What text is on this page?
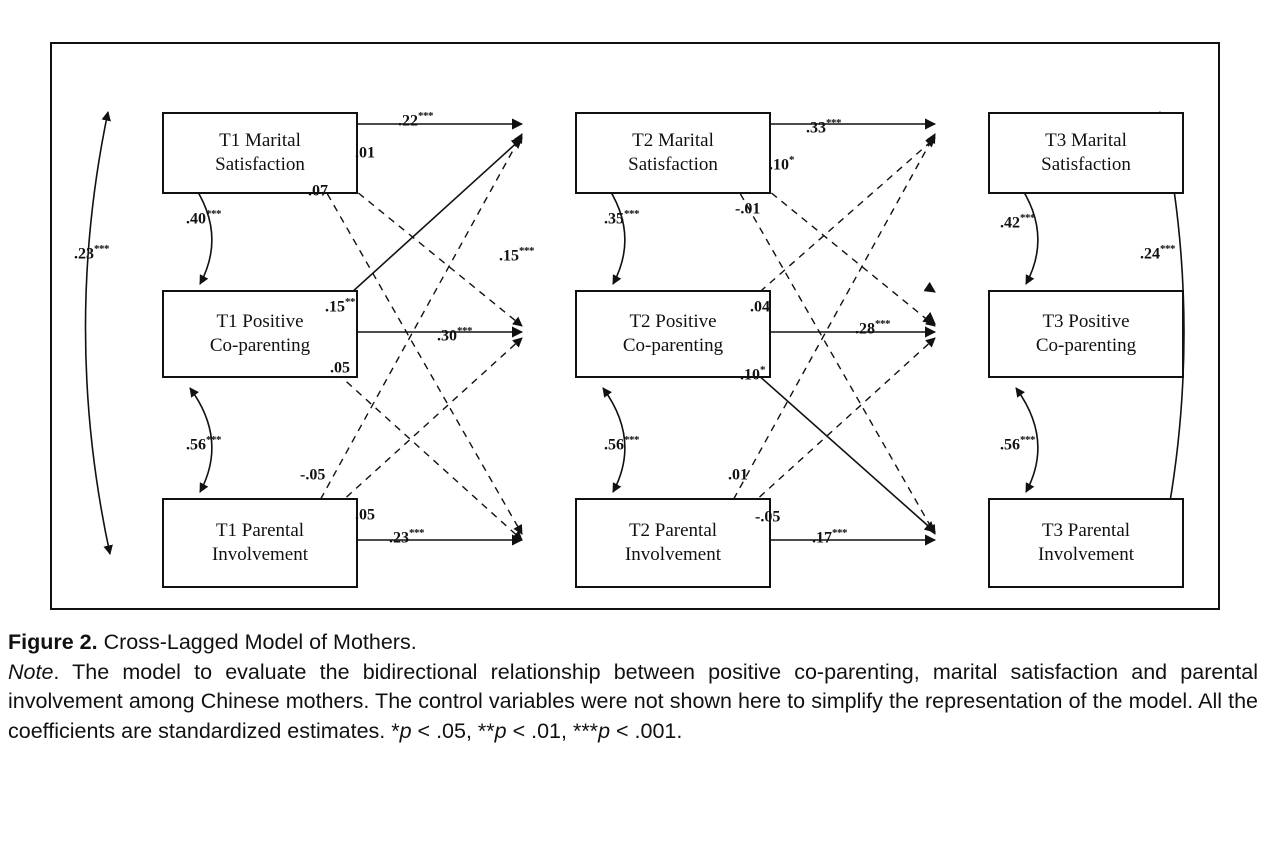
T1 Marital
Satisfaction
T2 Marital
Satisfaction
T3 Marital
Satisfaction
T1 Positive
Co-parenting
T2 Positive
Co-parenting
T3 Positive
Co-parenting
T1 Parental
Involvement
T2 Parental
Involvement
T3 Parental
Involvement
.22***
.33***
.30***	.28***
.23***	.17***
.40***	.35***
.42***
.56***	.56***	.56***
.23***	.24***
.01
.07
.15**
.05
-.05
.05
.15***
.10*
-.01
.04
.10*
.01
-.05
Figure 2. Cross-Lagged Model of Mothers.
Note. The model to evaluate the bidirectional relationship between positive co-parenting, marital satisfaction and parental involvement among Chinese mothers. The control variables were not shown here to simplify the representation of the model. All the coefficients are standardized estimates. *p < .05, **p < .01, ***p < .001.
